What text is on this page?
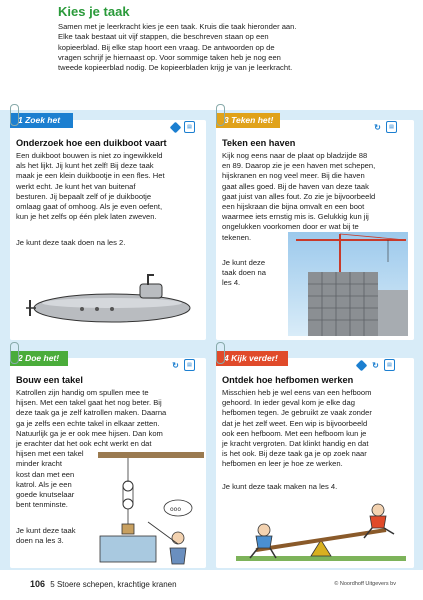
Kies je taak

Samen met je leerkracht kies je een taak. Kruis die taak hieronder aan.

Elke taak bestaat uit vijf stappen, die beschreven staan op een

kopieerblad. Bij elke stap hoort een vraag. De antwoorden op de

vragen schrijf je hiernaast op. Voor sommige taken heb je nog een

tweede kopieerblad nodig. De kopieerbladen krijg je van je leerkracht.

1 Zoek het uit!
▤
Onderzoek hoe een duikboot vaart

Een duikboot bouwen is niet zo ingewikkeld

als het lijkt. Jij kunt het zelf! Bij deze taak

maak je een klein duikbootje in een fles. Het

werkt echt. Je kunt het van buitenaf

besturen. Jij bepaalt zelf of je duikbootje

omlaag gaat of omhoog. Als je even oefent,

kun je het zelfs op één plek laten zweven.

Je kunt deze taak doen na les 2.
3 Teken het!
↻	▤
Teken een haven

Kijk nog eens naar de plaat op bladzijde 88

en 89. Daarop zie je een haven met schepen,

hijskranen en nog veel meer. Bij die haven

gaat alles goed. Bij de haven van deze taak

gaat juist van alles fout. Zo zie je bijvoorbeeld

een hijskraan die bijna omvalt en een boot

waarmee iets ernstig mis is. Gelukkig kun jij

ongelukken voorkomen door er wat bij te

tekenen.

Je kunt deze

taak doen na

les 4.

2 Doe het!
↻	▤
Bouw een takel

Katrollen zijn handig om spullen mee te

hijsen. Met een takel gaat het nog beter. Bij

deze taak ga je zelf katrollen maken. Daarna

ga je zelfs een echte takel in elkaar zetten.

Natuurlijk ga je er ook mee hijsen. Dan kom

je erachter dat het ook echt werkt en dat

hijsen met een takel

minder kracht

kost dan met een

katrol. Als je een

goede knutselaar

bent tenminste.

Je kunt deze taak

doen na les 3.

ooo
4 Kijk verder!
↻	▤
Ontdek hoe hefbomen werken

Misschien heb je wel eens van een hefboom

gehoord. In ieder geval kom je elke dag

hefbomen tegen. Je gebruikt ze vaak zonder

dat je het zelf weet. Een wip is bijvoorbeeld

ook een hefboom. Met een hefboom kun je

je kracht vergroten. Dat klinkt handig en dat

is het ook. Bij deze taak ga je op zoek naar

hefbomen en leer je hoe ze werken.

Je kunt deze taak maken na les 4.
106 5 Stoere schepen, krachtige kranen	© Noordhoff Uitgevers bv
